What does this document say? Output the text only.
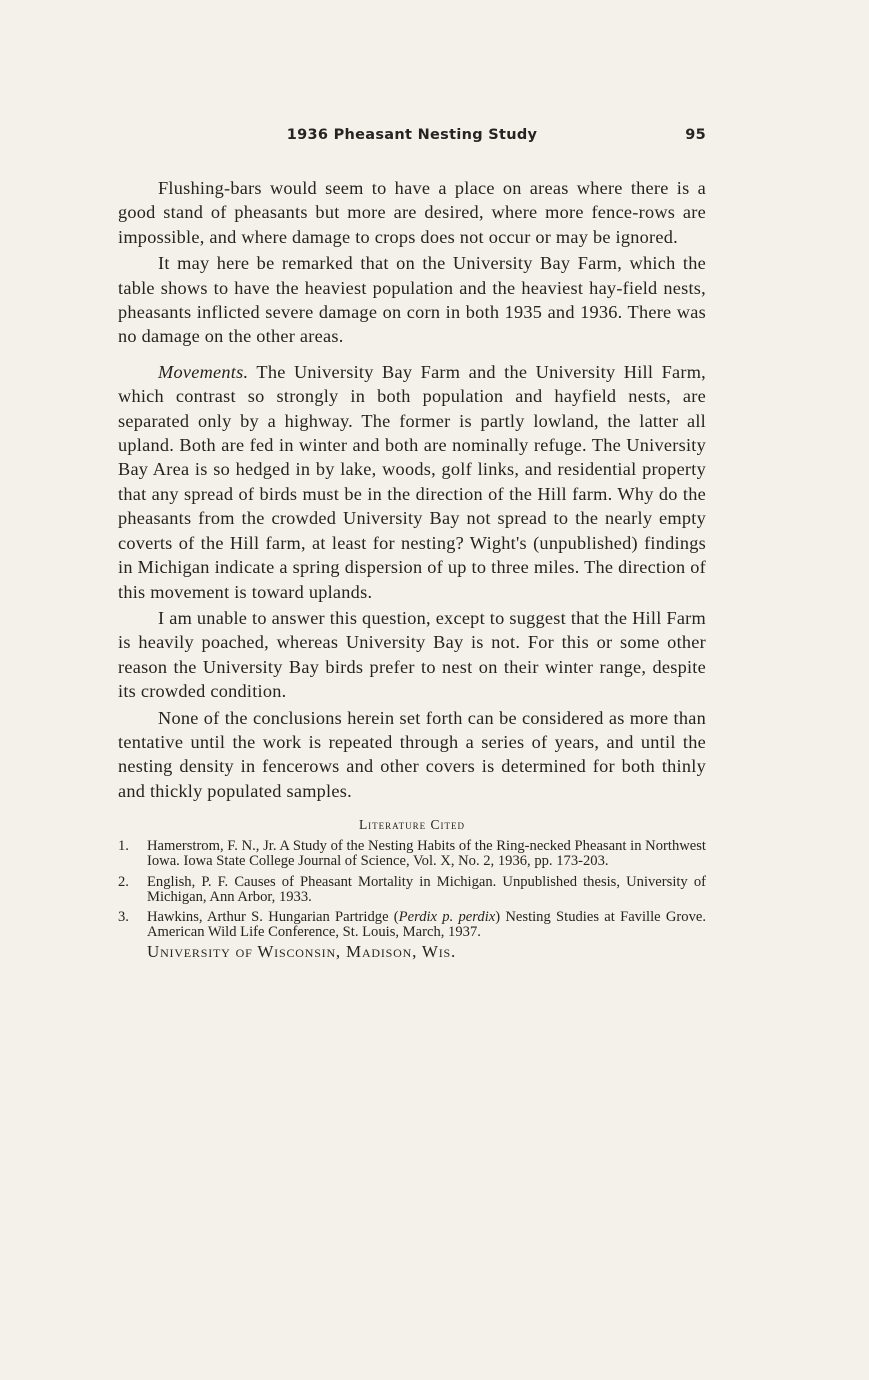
1936 Pheasant Nesting Study	95

Flushing-bars would seem to have a place on areas where there is a good stand of pheasants but more are desired, where more fence-rows are impossible, and where damage to crops does not occur or may be ignored.

It may here be remarked that on the University Bay Farm, which the table shows to have the heaviest population and the heaviest hay-field nests, pheasants inflicted severe damage on corn in both 1935 and 1936. There was no damage on the other areas.

Movements. The University Bay Farm and the University Hill Farm, which contrast so strongly in both population and hayfield nests, are separated only by a highway. The former is partly lowland, the latter all upland. Both are fed in winter and both are nominally refuge. The University Bay Area is so hedged in by lake, woods, golf links, and residential property that any spread of birds must be in the direction of the Hill farm. Why do the pheasants from the crowded University Bay not spread to the nearly empty coverts of the Hill farm, at least for nesting? Wight's (unpublished) findings in Michigan indicate a spring dispersion of up to three miles. The direction of this movement is toward uplands.

I am unable to answer this question, except to suggest that the Hill Farm is heavily poached, whereas University Bay is not. For this or some other reason the University Bay birds prefer to nest on their winter range, despite its crowded condition.

None of the conclusions herein set forth can be considered as more than tentative until the work is repeated through a series of years, and until the nesting density in fencerows and other covers is determined for both thinly and thickly populated samples.

Literature Cited
1. Hamerstrom, F. N., Jr. A Study of the Nesting Habits of the Ring-necked Pheasant in Northwest Iowa. Iowa State College Journal of Science, Vol. X, No. 2, 1936, pp. 173-203.
2. English, P. F. Causes of Pheasant Mortality in Michigan. Unpublished thesis, University of Michigan, Ann Arbor, 1933.
3. Hawkins, Arthur S. Hungarian Partridge (Perdix p. perdix) Nesting Studies at Faville Grove. American Wild Life Conference, St. Louis, March, 1937.
University of Wisconsin, Madison, Wis.
